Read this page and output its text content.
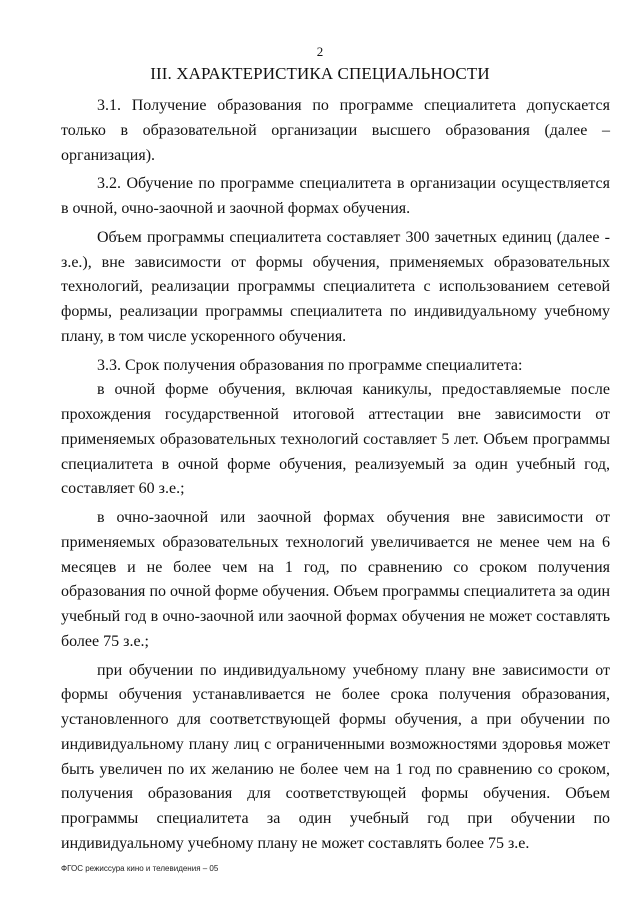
2
III. ХАРАКТЕРИСТИКА СПЕЦИАЛЬНОСТИ

3.1. Получение образования по программе специалитета допускается только в образовательной организации высшего образования (далее – организация).

3.2. Обучение по программе специалитета в организации осуществляется в очной, очно-заочной и заочной формах обучения.

Объем программы специалитета составляет 300 зачетных единиц (далее - з.е.), вне зависимости от формы обучения, применяемых образовательных технологий, реализации программы специалитета с использованием сетевой формы, реализации программы специалитета по индивидуальному учебному плану, в том числе ускоренного обучения.

3.3. Срок получения образования по программе специалитета:

в очной форме обучения, включая каникулы, предоставляемые после прохождения государственной итоговой аттестации вне зависимости от применяемых образовательных технологий составляет 5 лет. Объем программы специалитета в очной форме обучения, реализуемый за один учебный год, составляет 60 з.е.;

в очно-заочной или заочной формах обучения вне зависимости от применяемых образовательных технологий увеличивается не менее чем на 6 месяцев и не более чем на 1 год, по сравнению со сроком получения образования по очной форме обучения. Объем программы специалитета за один учебный год в очно-заочной или заочной формах обучения не может составлять более 75 з.е.;

при обучении по индивидуальному учебному плану вне зависимости от формы обучения устанавливается не более срока получения образования, установленного для соответствующей формы обучения, а при обучении по индивидуальному плану лиц с ограниченными возможностями здоровья может быть увеличен по их желанию не более чем на 1 год по сравнению со сроком, получения образования для соответствующей формы обучения. Объем программы специалитета за один учебный год при обучении по индивидуальному учебному плану не может составлять более 75 з.е.

ФГОС режиссура кино и телевидения – 05
